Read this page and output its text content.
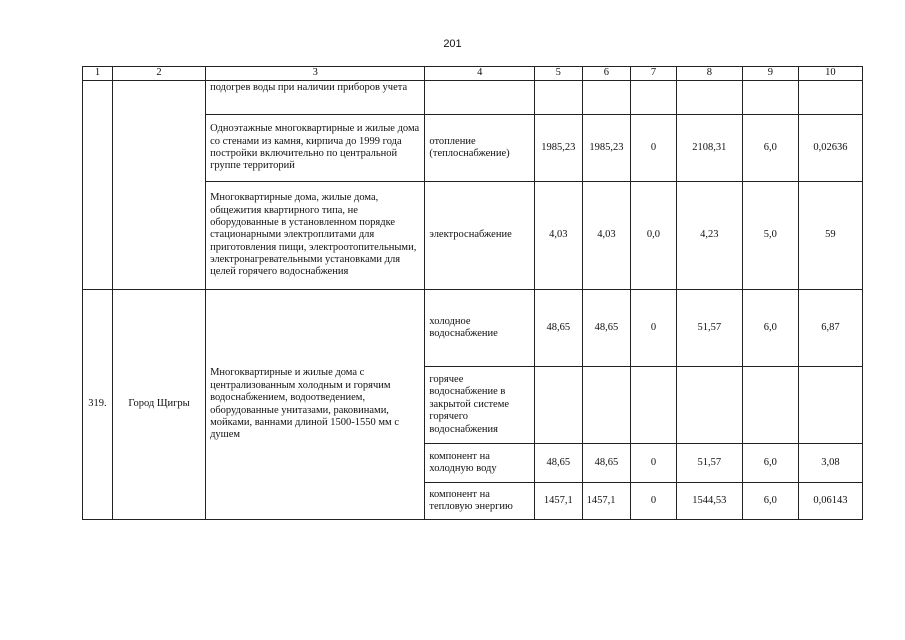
201
1	2	3	4	5	6	7	8	9	10
		подогрев воды при наличии приборов учета							
		Одноэтажные многоквартирные и жилые дома со стенами из камня, кирпича до 1999 года постройки включительно по центральной группе территорий	отопление (теплоснабжение)	1985,23	1985,23	0	2108,31	6,0	0,02636
		Многоквартирные дома, жилые дома, общежития квартирного типа, не оборудованные в установленном порядке стационарными электроплитами для приготовления пищи, электроотопительными, электронагревательными установками для целей горячего водоснабжения	электроснабжение	4,03	4,03	0,0	4,23	5,0	59
319.	Город Щигры	Многоквартирные и жилые дома с централизованным холодным и горячим водоснабжением, водоотведением, оборудованные унитазами, раковинами, мойками, ваннами длиной 1500-1550 мм с душем	холодное водоснабжение	48,65	48,65	0	51,57	6,0	6,87
			горячее водоснабжение в закрытой системе горячего водоснабжения						
			компонент на холодную воду	48,65	48,65	0	51,57	6,0	3,08
			компонент на тепловую энергию	1457,1	1457,1	0	1544,53	6,0	0,06143
